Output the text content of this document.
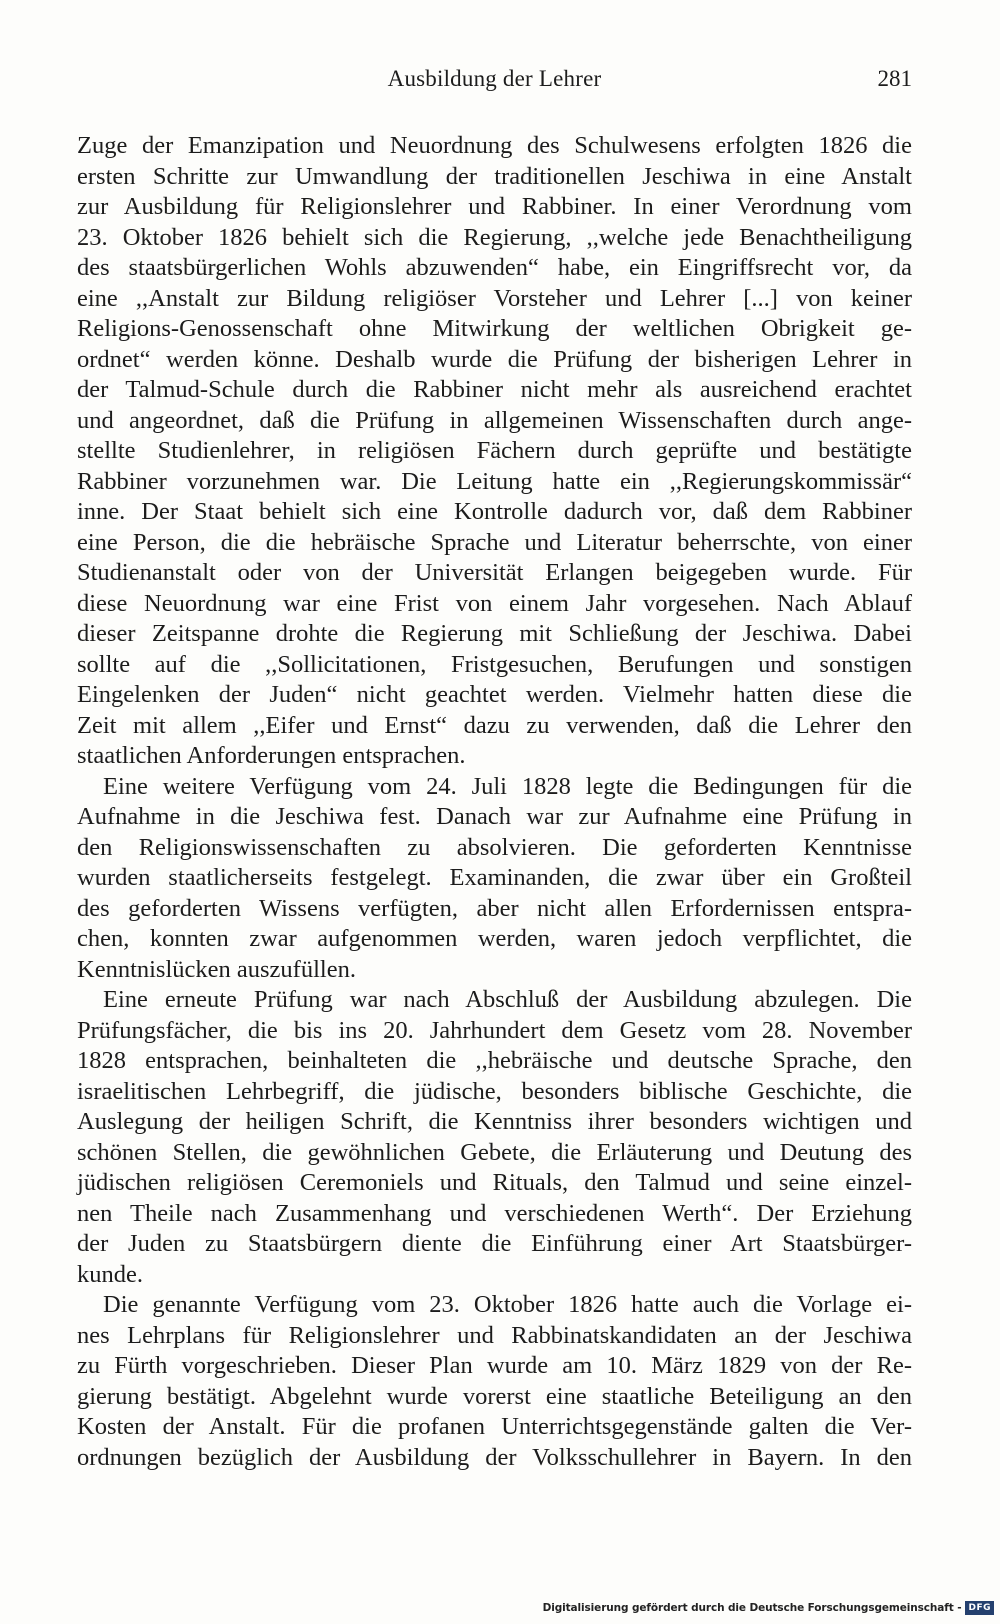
Ausbildung der Lehrer	281
Zuge der Emanzipation und Neuordnung des Schulwesens erfolgten 1826 die
ersten Schritte zur Umwandlung der traditionellen Jeschiwa in eine Anstalt
zur Ausbildung für Religionslehrer und Rabbiner. In einer Verordnung vom
23. Oktober 1826 behielt sich die Regierung, ,,welche jede Benachtheiligung
des staatsbürgerlichen Wohls abzuwenden“ habe, ein Eingriffsrecht vor, da
eine ,,Anstalt zur Bildung religiöser Vorsteher und Lehrer [...] von keiner
Religions-Genossenschaft ohne Mitwirkung der weltlichen Obrigkeit ge-
ordnet“ werden könne. Deshalb wurde die Prüfung der bisherigen Lehrer in
der Talmud-Schule durch die Rabbiner nicht mehr als ausreichend erachtet
und angeordnet, daß die Prüfung in allgemeinen Wissenschaften durch ange-
stellte Studienlehrer, in religiösen Fächern durch geprüfte und bestätigte
Rabbiner vorzunehmen war. Die Leitung hatte ein ,,Regierungskommissär“
inne. Der Staat behielt sich eine Kontrolle dadurch vor, daß dem Rabbiner
eine Person, die die hebräische Sprache und Literatur beherrschte, von einer
Studienanstalt oder von der Universität Erlangen beigegeben wurde. Für
diese Neuordnung war eine Frist von einem Jahr vorgesehen. Nach Ablauf
dieser Zeitspanne drohte die Regierung mit Schließung der Jeschiwa. Dabei
sollte auf die ,,Sollicitationen, Fristgesuchen, Berufungen und sonstigen
Eingelenken der Juden“ nicht geachtet werden. Vielmehr hatten diese die
Zeit mit allem ,,Eifer und Ernst“ dazu zu verwenden, daß die Lehrer den
staatlichen Anforderungen entsprachen.
Eine weitere Verfügung vom 24. Juli 1828 legte die Bedingungen für die
Aufnahme in die Jeschiwa fest. Danach war zur Aufnahme eine Prüfung in
den Religionswissenschaften zu absolvieren. Die geforderten Kenntnisse
wurden staatlicherseits festgelegt. Examinanden, die zwar über ein Großteil
des geforderten Wissens verfügten, aber nicht allen Erfordernissen entspra-
chen, konnten zwar aufgenommen werden, waren jedoch verpflichtet, die
Kenntnislücken auszufüllen.
Eine erneute Prüfung war nach Abschluß der Ausbildung abzulegen. Die
Prüfungsfächer, die bis ins 20. Jahrhundert dem Gesetz vom 28. November
1828 entsprachen, beinhalteten die ,,hebräische und deutsche Sprache, den
israelitischen Lehrbegriff, die jüdische, besonders biblische Geschichte, die
Auslegung der heiligen Schrift, die Kenntniss ihrer besonders wichtigen und
schönen Stellen, die gewöhnlichen Gebete, die Erläuterung und Deutung des
jüdischen religiösen Ceremoniels und Rituals, den Talmud und seine einzel-
nen Theile nach Zusammenhang und verschiedenen Werth“. Der Erziehung
der Juden zu Staatsbürgern diente die Einführung einer Art Staatsbürger-
kunde.
Die genannte Verfügung vom 23. Oktober 1826 hatte auch die Vorlage ei-
nes Lehrplans für Religionslehrer und Rabbinatskandidaten an der Jeschiwa
zu Fürth vorgeschrieben. Dieser Plan wurde am 10. März 1829 von der Re-
gierung bestätigt. Abgelehnt wurde vorerst eine staatliche Beteiligung an den
Kosten der Anstalt. Für die profanen Unterrichtsgegenstände galten die Ver-
ordnungen bezüglich der Ausbildung der Volksschullehrer in Bayern. In den
Digitalisierung gefördert durch die Deutsche Forschungsgemeinschaft - DFG
